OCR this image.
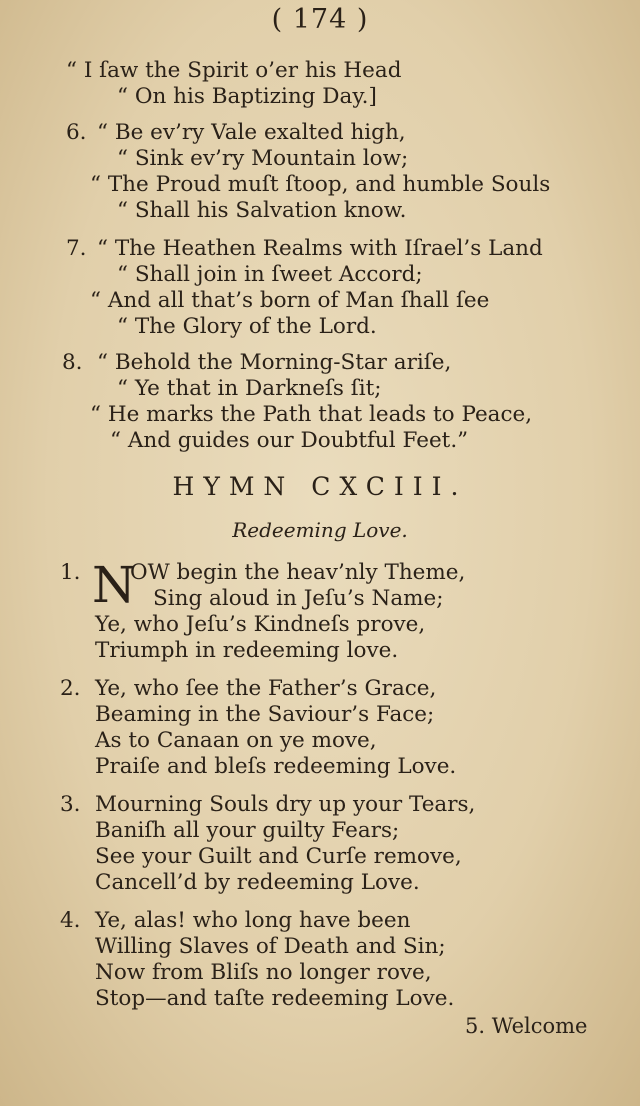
( 174 )
“ I ſaw the Spirit o’er his Head
“ On his Baptizing Day.]
6. “ Be ev’ry Vale exalted high,
“ Sink ev’ry Mountain low;
“ The Proud muſt ſtoop, and humble Souls
“ Shall his Salvation know.
7. “ The Heathen Realms with Iſrael’s Land
“ Shall join in ſweet Accord;
“ And all that’s born of Man ſhall ſee
“ The Glory of the Lord.
8. “ Behold the Morning-Star ariſe,
“ Ye that in Darkneſs ſit;
“ He marks the Path that leads to Peace,
“ And guides our Doubtful Feet.”
HYMN CXCIII.
Redeeming Love.
1. N
OW begin the heav’nly Theme,
Sing aloud in Jeſu’s Name;
Ye, who Jeſu’s Kindneſs prove,
Triumph in redeeming love.
2. Ye, who ſee the Father’s Grace,
Beaming in the Saviour’s Face;
As to Canaan on ye move,
Praiſe and bleſs redeeming Love.
3. Mourning Souls dry up your Tears,
Baniſh all your guilty Fears;
See your Guilt and Curſe remove,
Cancell’d by redeeming Love.
4. Ye, alas! who long have been
Willing Slaves of Death and Sin;
Now from Bliſs no longer rove,
Stop—and taſte redeeming Love.
5. Welcome
